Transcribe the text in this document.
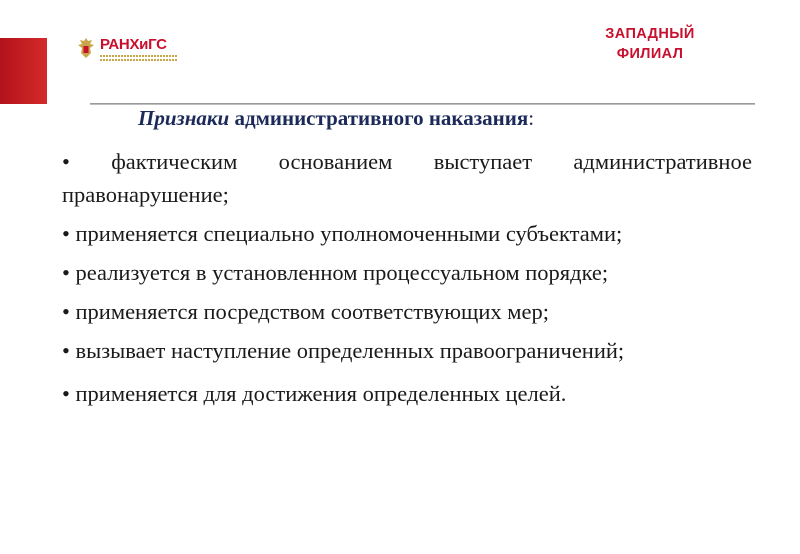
РАНХиГС
ЗАПАДНЫЙ
ФИЛИАЛ
Признаки административного наказания:

• фактическим основанием выступает административное правонарушение;

• применяется специально уполномоченными субъектами;

• реализуется в установленном процессуальном порядке;

• применяется посредством соответствующих мер;

• вызывает наступление определенных правоограничений;

• применяется для достижения определенных целей.
